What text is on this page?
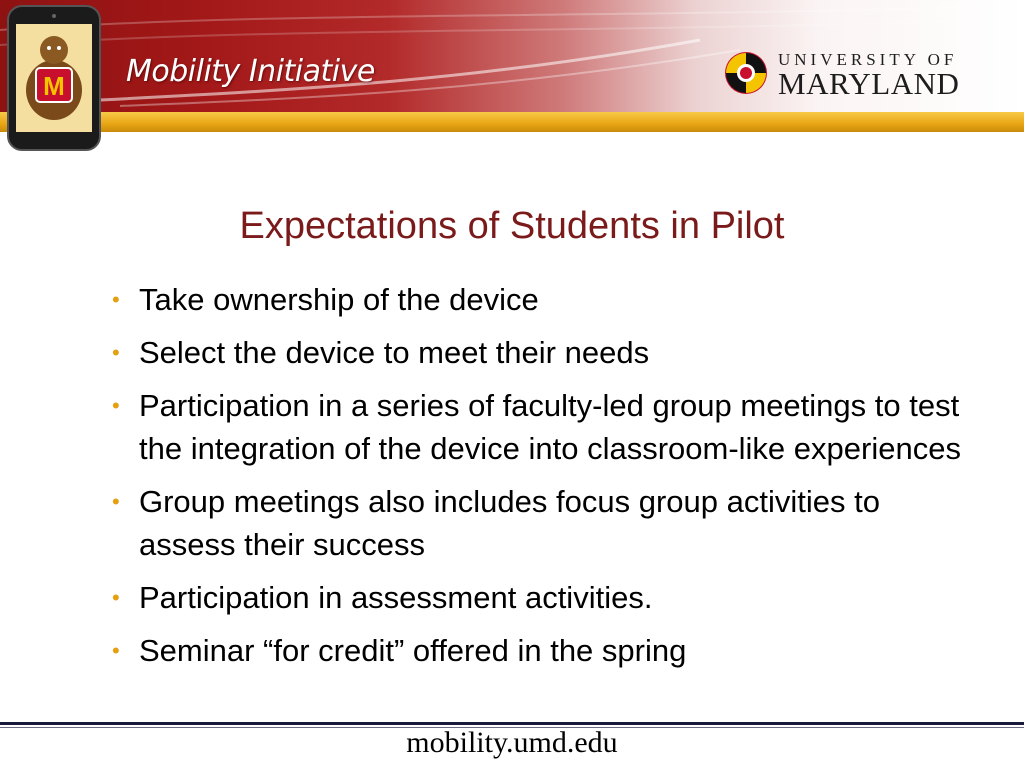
M Mobility Initiative	UNIVERSITY OF
MARYLAND
Expectations of Students in Pilot
• Take ownership of the device
• Select the device to meet their needs
• Participation in a series of faculty-led group meetings to test the integration of the device into classroom-like experiences
• Group meetings also includes focus group activities to assess their success
• Participation in assessment activities.
• Seminar “for credit” offered in the spring
mobility.umd.edu
